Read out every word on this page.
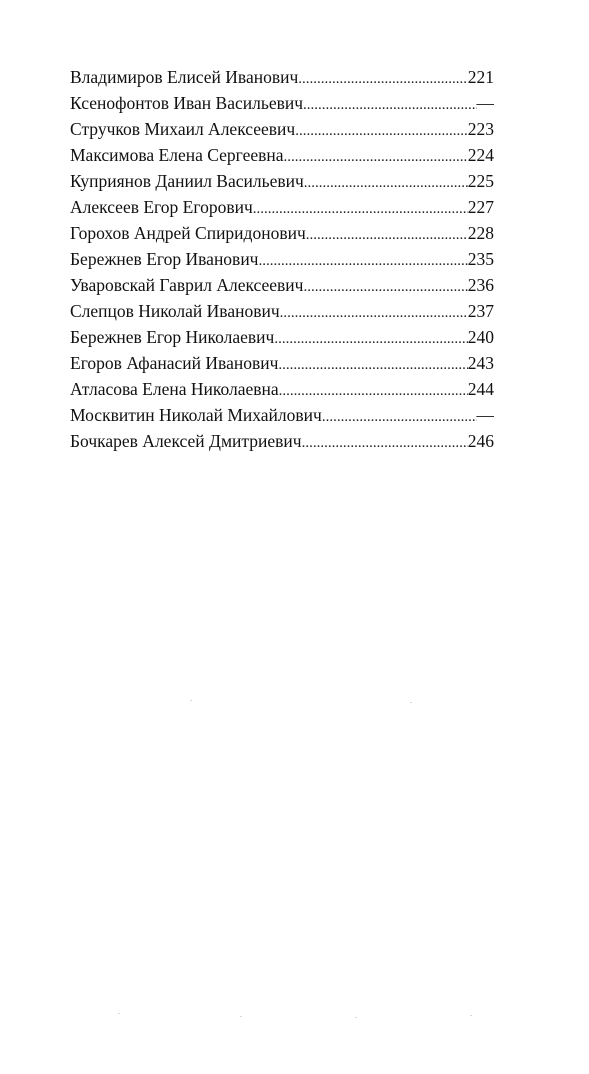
Владимиров Елисей Иванович .....	221
Ксенофонтов Иван Васильевич .....	—
Стручков Михаил Алексеевич .....	223
Максимова Елена Сергеевна .....	224
Куприянов Даниил Васильевич .....	225
Алексеев Егор Егорович .....	227
Горохов Андрей Спиридонович .....	228
Бережнев Егор Иванович .....	235
Уваровскай Гаврил Алексеевич .....	236
Слепцов Николай Иванович .....	237
Бережнев Егор Николаевич .....	240
Егоров Афанасий Иванович .....	243
Атласова Елена Николаевна .....	244
Москвитин Николай Михайлович .....	—
Бочкарев Алексей Дмитриевич .....	246
